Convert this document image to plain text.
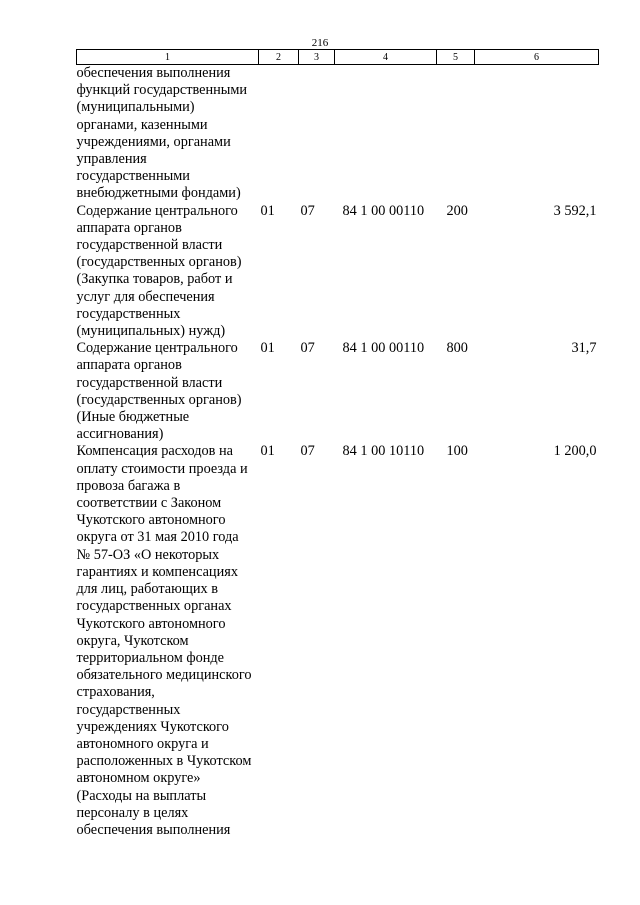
216
1	2	3	4	5	6
обеспечения выполнения функций государственными (муниципальными) органами, казенными учреждениями, органами управления государственными внебюджетными фондами)					
Содержание центрального аппарата органов государственной власти (государственных органов) (Закупка товаров, работ и услуг для обеспечения государственных (муниципальных) нужд)	01	07	84 1 00 00110	200	3 592,1
Содержание центрального аппарата органов государственной власти (государственных органов) (Иные бюджетные ассигнования)	01	07	84 1 00 00110	800	31,7
Компенсация расходов на оплату стоимости проезда и провоза багажа в соответствии с Законом Чукотского автономного округа от 31 мая 2010 года № 57-ОЗ «О некоторых гарантиях и компенсациях для лиц, работающих в государственных органах Чукотского автономного округа, Чукотском территориальном фонде обязательного медицинского страхования, государственных учреждениях Чукотского автономного округа и расположенных в Чукотском автономном округе» (Расходы на выплаты персоналу в целях обеспечения выполнения	01	07	84 1 00 10110	100	1 200,0
